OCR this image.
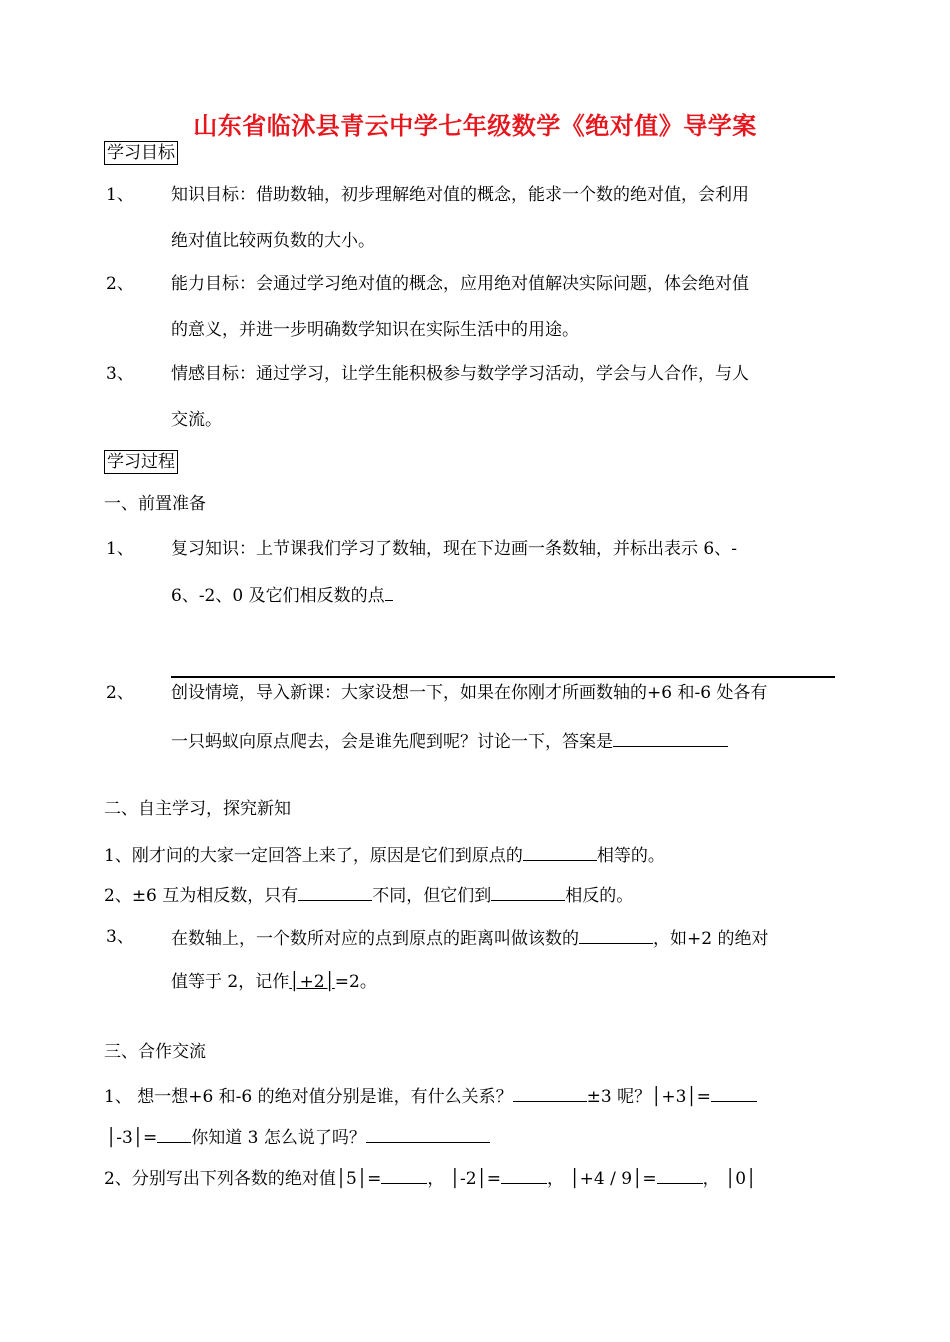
山东省临沭县青云中学七年级数学《绝对值》导学案
学习目标
1、 知识目标：借助数轴，初步理解绝对值的概念，能求一个数的绝对值，会利用
绝对值比较两负数的大小。
2、 能力目标：会通过学习绝对值的概念，应用绝对值解决实际问题，体会绝对值
的意义，并进一步明确数学知识在实际生活中的用途。
3、 情感目标：通过学习，让学生能积极参与数学学习活动，学会与人合作，与人
交流。
学习过程
一、前置准备
1、 复习知识：上节课我们学习了数轴，现在下边画一条数轴，并标出表示 6、-
6、-2、0 及它们相反数的点
2、 创设情境，导入新课：大家设想一下，如果在你刚才所画数轴的+6 和-6 处各有
一只蚂蚁向原点爬去，会是谁先爬到呢？讨论一下，答案是
二、自主学习，探究新知
1、刚才问的大家一定回答上来了，原因是它们到原点的	相等的。
2、±6 互为相反数，只有	不同，但它们到	相反的。
3、 在数轴上，一个数所对应的点到原点的距离叫做该数的	，如+2 的绝对
值等于 2，记作│+2│=2。
三、合作交流
1、 想一想+6 和-6 的绝对值分别是谁，有什么关系？	±3 呢？│+3│=
│-3│= 你知道 3 怎么说了吗？
2、分别写出下列各数的绝对值│5│=	， │-2│=	， │+4 / 9│=	， │0│
